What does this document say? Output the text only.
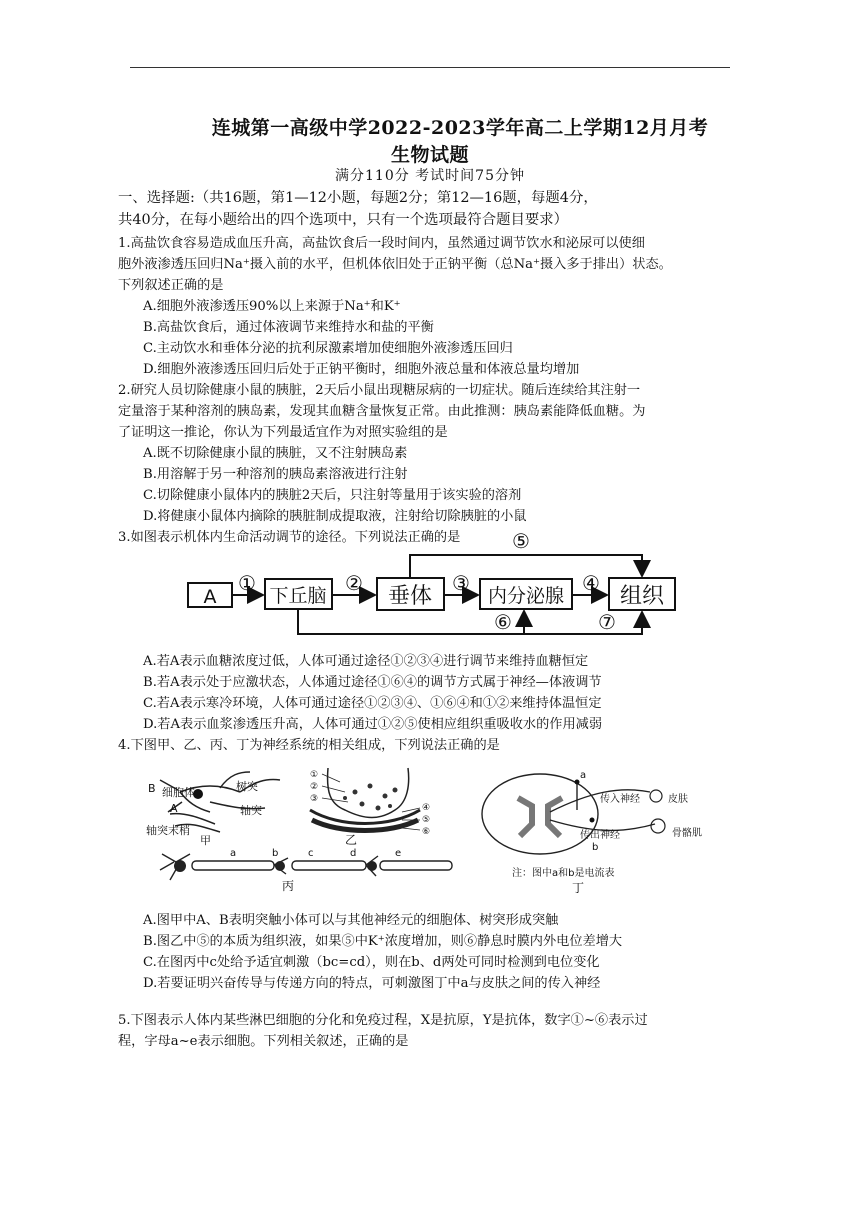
连城第一高级中学2022-2023学年高二上学期12月月考
生物试题
满分110分 考试时间75分钟
一、选择题:（共16题，第1—12小题，每题2分；第12—16题，每题4分，
共40分，在每小题给出的四个选项中，只有一个选项最符合题目要求）
1.高盐饮食容易造成血压升高，高盐饮食后一段时间内，虽然通过调节饮水和泌尿可以使细
胞外液渗透压回归Na⁺摄入前的水平，但机体依旧处于正钠平衡（总Na⁺摄入多于排出）状态。
下列叙述正确的是
A.细胞外液渗透压90%以上来源于Na⁺和K⁺
B.高盐饮食后，通过体液调节来维持水和盐的平衡
C.主动饮水和垂体分泌的抗利尿激素增加使细胞外液渗透压回归
D.细胞外液渗透压回归后处于正钠平衡时，细胞外液总量和体液总量均增加
2.研究人员切除健康小鼠的胰脏，2天后小鼠出现糖尿病的一切症状。随后连续给其注射一
定量溶于某种溶剂的胰岛素，发现其血糖含量恢复正常。由此推测：胰岛素能降低血糖。为
了证明这一推论，你认为下列最适宜作为对照实验组的是
A.既不切除健康小鼠的胰脏，又不注射胰岛素
B.用溶解于另一种溶剂的胰岛素溶液进行注射
C.切除健康小鼠体内的胰脏2天后，只注射等量用于该实验的溶剂
D.将健康小鼠体内摘除的胰脏制成提取液，注射给切除胰脏的小鼠
3.如图表示机体内生命活动调节的途径。下列说法正确的是
A	下丘脑	垂体	内分泌腺	组织
①	②	③	④
⑤
⑥	⑦
A.若A表示血糖浓度过低，人体可通过途径①②③④进行调节来维持血糖恒定
B.若A表示处于应激状态，人体通过途径①⑥④的调节方式属于神经—体液调节
C.若A表示寒冷环境，人体可通过途径①②③④、①⑥④和①②来维持体温恒定
D.若A表示血浆渗透压升高，人体可通过①②⑤使相应组织重吸收水的作用减弱
4.下图甲、乙、丙、丁为神经系统的相关组成，下列说法正确的是
B
A
细胞体	树突
轴突
轴突末梢
甲
①
②
③
④
⑤
⑥
乙
a	b	c	d	e
丙
a
b
传入神经	皮肤
传出神经	骨骼肌
注：图中a和b是电流表
丁
A.图甲中A、B表明突触小体可以与其他神经元的细胞体、树突形成突触
B.图乙中⑤的本质为组织液，如果⑤中K⁺浓度增加，则⑥静息时膜内外电位差增大
C.在图丙中c处给予适宜刺激（bc=cd），则在b、d两处可同时检测到电位变化
D.若要证明兴奋传导与传递方向的特点，可刺激图丁中a与皮肤之间的传入神经
5.下图表示人体内某些淋巴细胞的分化和免疫过程，X是抗原，Y是抗体，数字①~⑥表示过
程，字母a~e表示细胞。下列相关叙述，正确的是
